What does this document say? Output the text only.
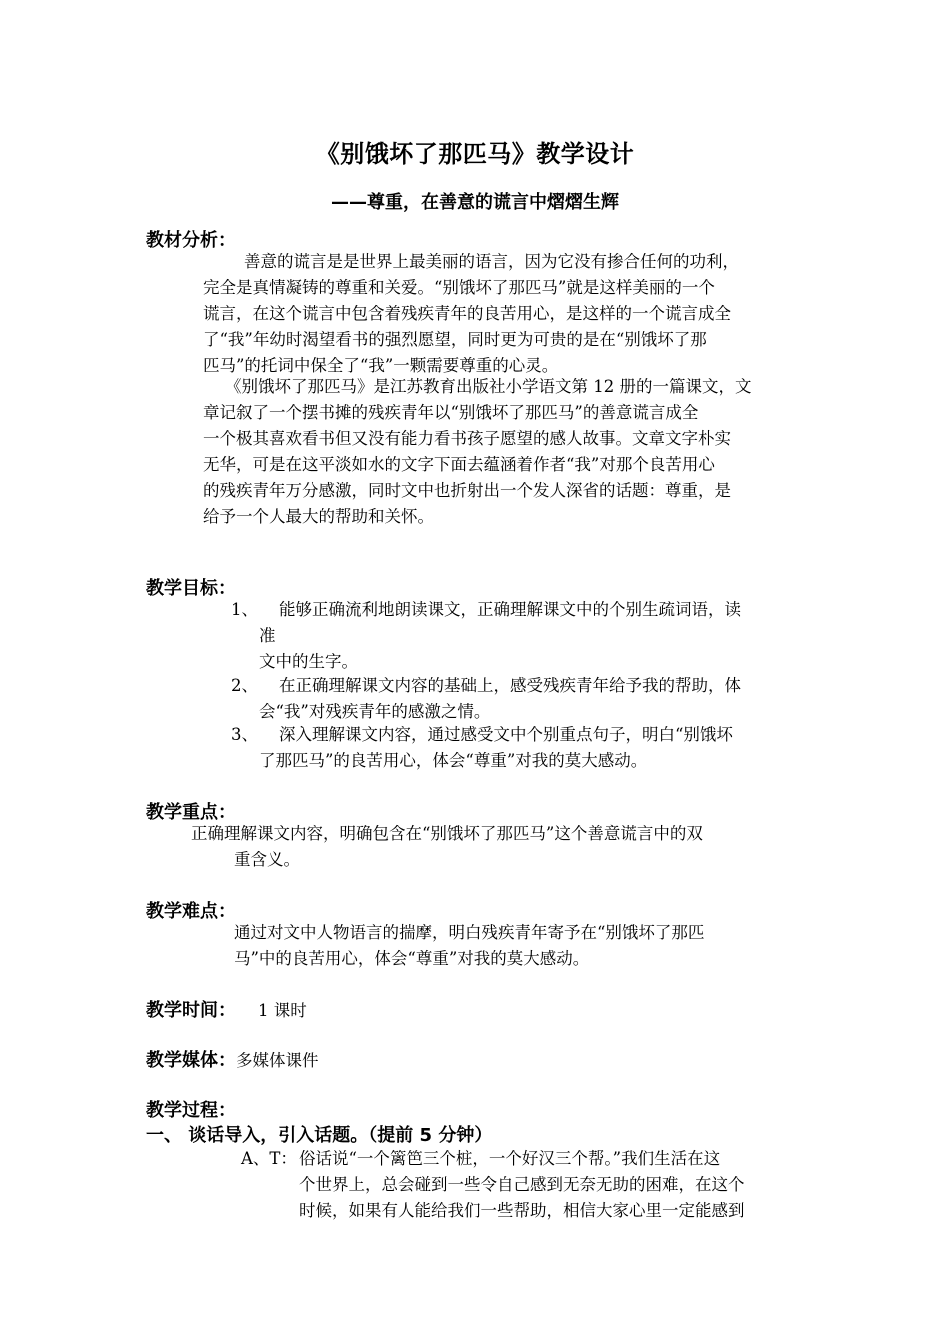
《别饿坏了那匹马》教学设计
——尊重，在善意的谎言中熠熠生辉
教材分析：
善意的谎言是是世界上最美丽的语言，因为它没有掺合任何的功利，
完全是真情凝铸的尊重和关爱。“别饿坏了那匹马”就是这样美丽的一个
谎言，在这个谎言中包含着残疾青年的良苦用心，是这样的一个谎言成全
了“我”年幼时渴望看书的强烈愿望，同时更为可贵的是在“别饿坏了那
匹马”的托词中保全了“我”一颗需要尊重的心灵。
《别饿坏了那匹马》是江苏教育出版社小学语文第 12 册的一篇课文，文
章记叙了一个摆书摊的残疾青年以“别饿坏了那匹马”的善意谎言成全
一个极其喜欢看书但又没有能力看书孩子愿望的感人故事。文章文字朴实
无华，可是在这平淡如水的文字下面去蕴涵着作者“我”对那个良苦用心
的残疾青年万分感激，同时文中也折射出一个发人深省的话题：尊重，是
给予一个人最大的帮助和关怀。
教学目标：
1、 能够正确流利地朗读课文，正确理解课文中的个别生疏词语，读
准
文中的生字。
2、 在正确理解课文内容的基础上，感受残疾青年给予我的帮助，体
会“我”对残疾青年的感激之情。
3、 深入理解课文内容，通过感受文中个别重点句子，明白“别饿坏
了那匹马”的良苦用心，体会“尊重”对我的莫大感动。
教学重点：
正确理解课文内容，明确包含在“别饿坏了那匹马”这个善意谎言中的双
重含义。
教学难点：
通过对文中人物语言的揣摩，明白残疾青年寄予在“别饿坏了那匹
马”中的良苦用心，体会“尊重”对我的莫大感动。
教学时间： 1 课时
教学媒体：多媒体课件
教学过程：
一、 谈话导入，引入话题。（提前 5 分钟）
A、T： 俗话说“一个篱笆三个桩，一个好汉三个帮。”我们生活在这
个世界上，总会碰到一些令自己感到无奈无助的困难，在这个
时候，如果有人能给我们一些帮助，相信大家心里一定能感到
